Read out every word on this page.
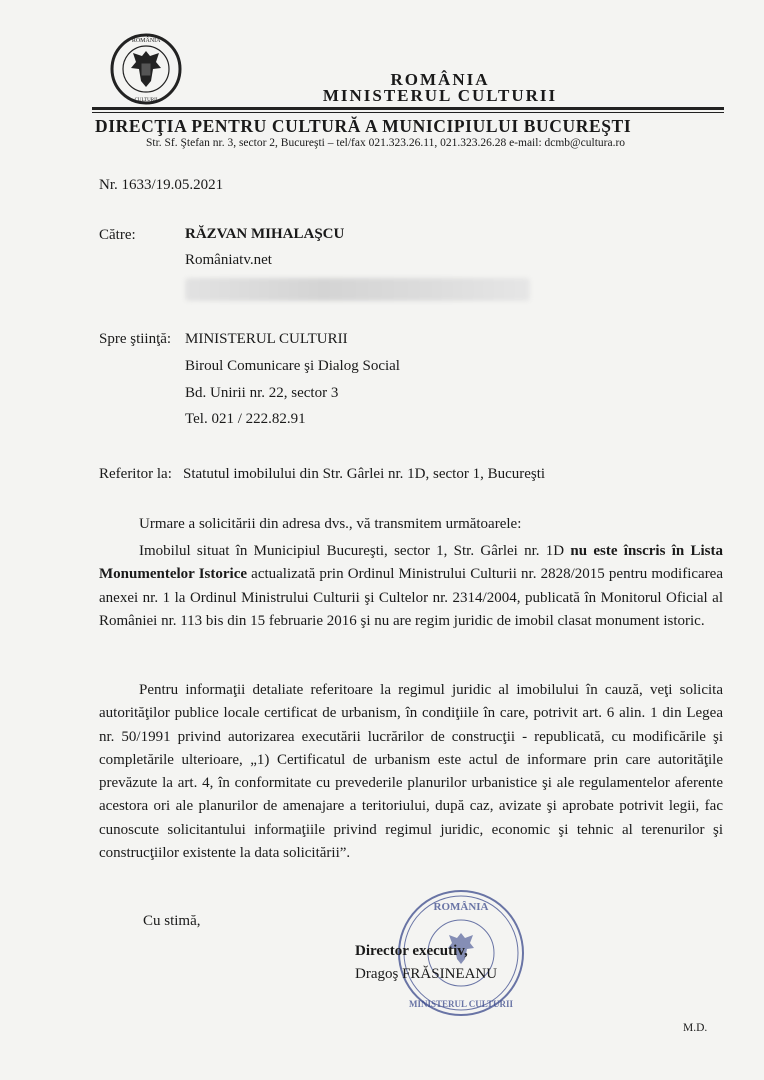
· ROMÂNIA ·
CULTURII
ROMÂNIA
MINISTERUL CULTURII
DIRECŢIA PENTRU CULTURĂ A MUNICIPIULUI BUCUREŞTI
Str. Sf. Ştefan nr. 3, sector 2, Bucureşti – tel/fax 021.323.26.11, 021.323.26.28 e-mail: dcmb@cultura.ro
Nr. 1633/19.05.2021
Către:	RĂZVAN MIHALAŞCU
Româniatv.net
Spre ştiinţă: MINISTERUL CULTURII
Biroul Comunicare şi Dialog Social
Bd. Unirii nr. 22, sector 3
Tel. 021 / 222.82.91
Referitor la: Statutul imobilului din Str. Gârlei nr. 1D, sector 1, Bucureşti
Urmare a solicitării din adresa dvs., vă transmitem următoarele:
Imobilul situat în Municipiul Bucureşti, sector 1, Str. Gârlei nr. 1D nu este înscris în Lista Monumentelor Istorice actualizată prin Ordinul Ministrului Culturii nr. 2828/2015 pentru modificarea anexei nr. 1 la Ordinul Ministrului Culturii şi Cultelor nr. 2314/2004, publicată în Monitorul Oficial al României nr. 113 bis din 15 februarie 2016 şi nu are regim juridic de imobil clasat monument istoric.
Pentru informaţii detaliate referitoare la regimul juridic al imobilului în cauză, veţi solicita autorităţilor publice locale certificat de urbanism, în condiţiile în care, potrivit art. 6 alin. 1 din Legea nr. 50/1991 privind autorizarea executării lucrărilor de construcţii - republicată, cu modificările şi completările ulterioare, „1) Certificatul de urbanism este actul de informare prin care autorităţile prevăzute la art. 4, în conformitate cu prevederile planurilor urbanistice şi ale regulamentelor aferente acestora ori ale planurilor de amenajare a teritoriului, după caz, avizate şi aprobate potrivit legii, fac cunoscute solicitantului informaţiile privind regimul juridic, economic şi tehnic al terenurilor şi construcţiilor existente la data solicitării”.
Cu stimă,
ROMÂNIA
MINISTERUL CULTURII
Director executiv,
Dragoş FRĂSINEANU
M.D.
